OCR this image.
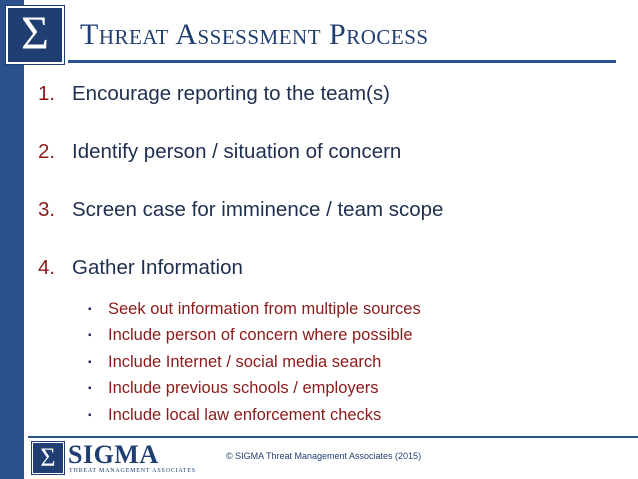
Σ Threat Assessment Process
1. Encourage reporting to the team(s)
2. Identify person / situation of concern
3. Screen case for imminence / team scope
4. Gather Information
▪ Seek out information from multiple sources
▪ Include person of concern where possible
▪ Include Internet / social media search
▪ Include previous schools / employers
▪ Include local law enforcement checks
Σ SIGMA
THREAT MANAGEMENT ASSOCIATES
© SIGMA Threat Management Associates (2015)
